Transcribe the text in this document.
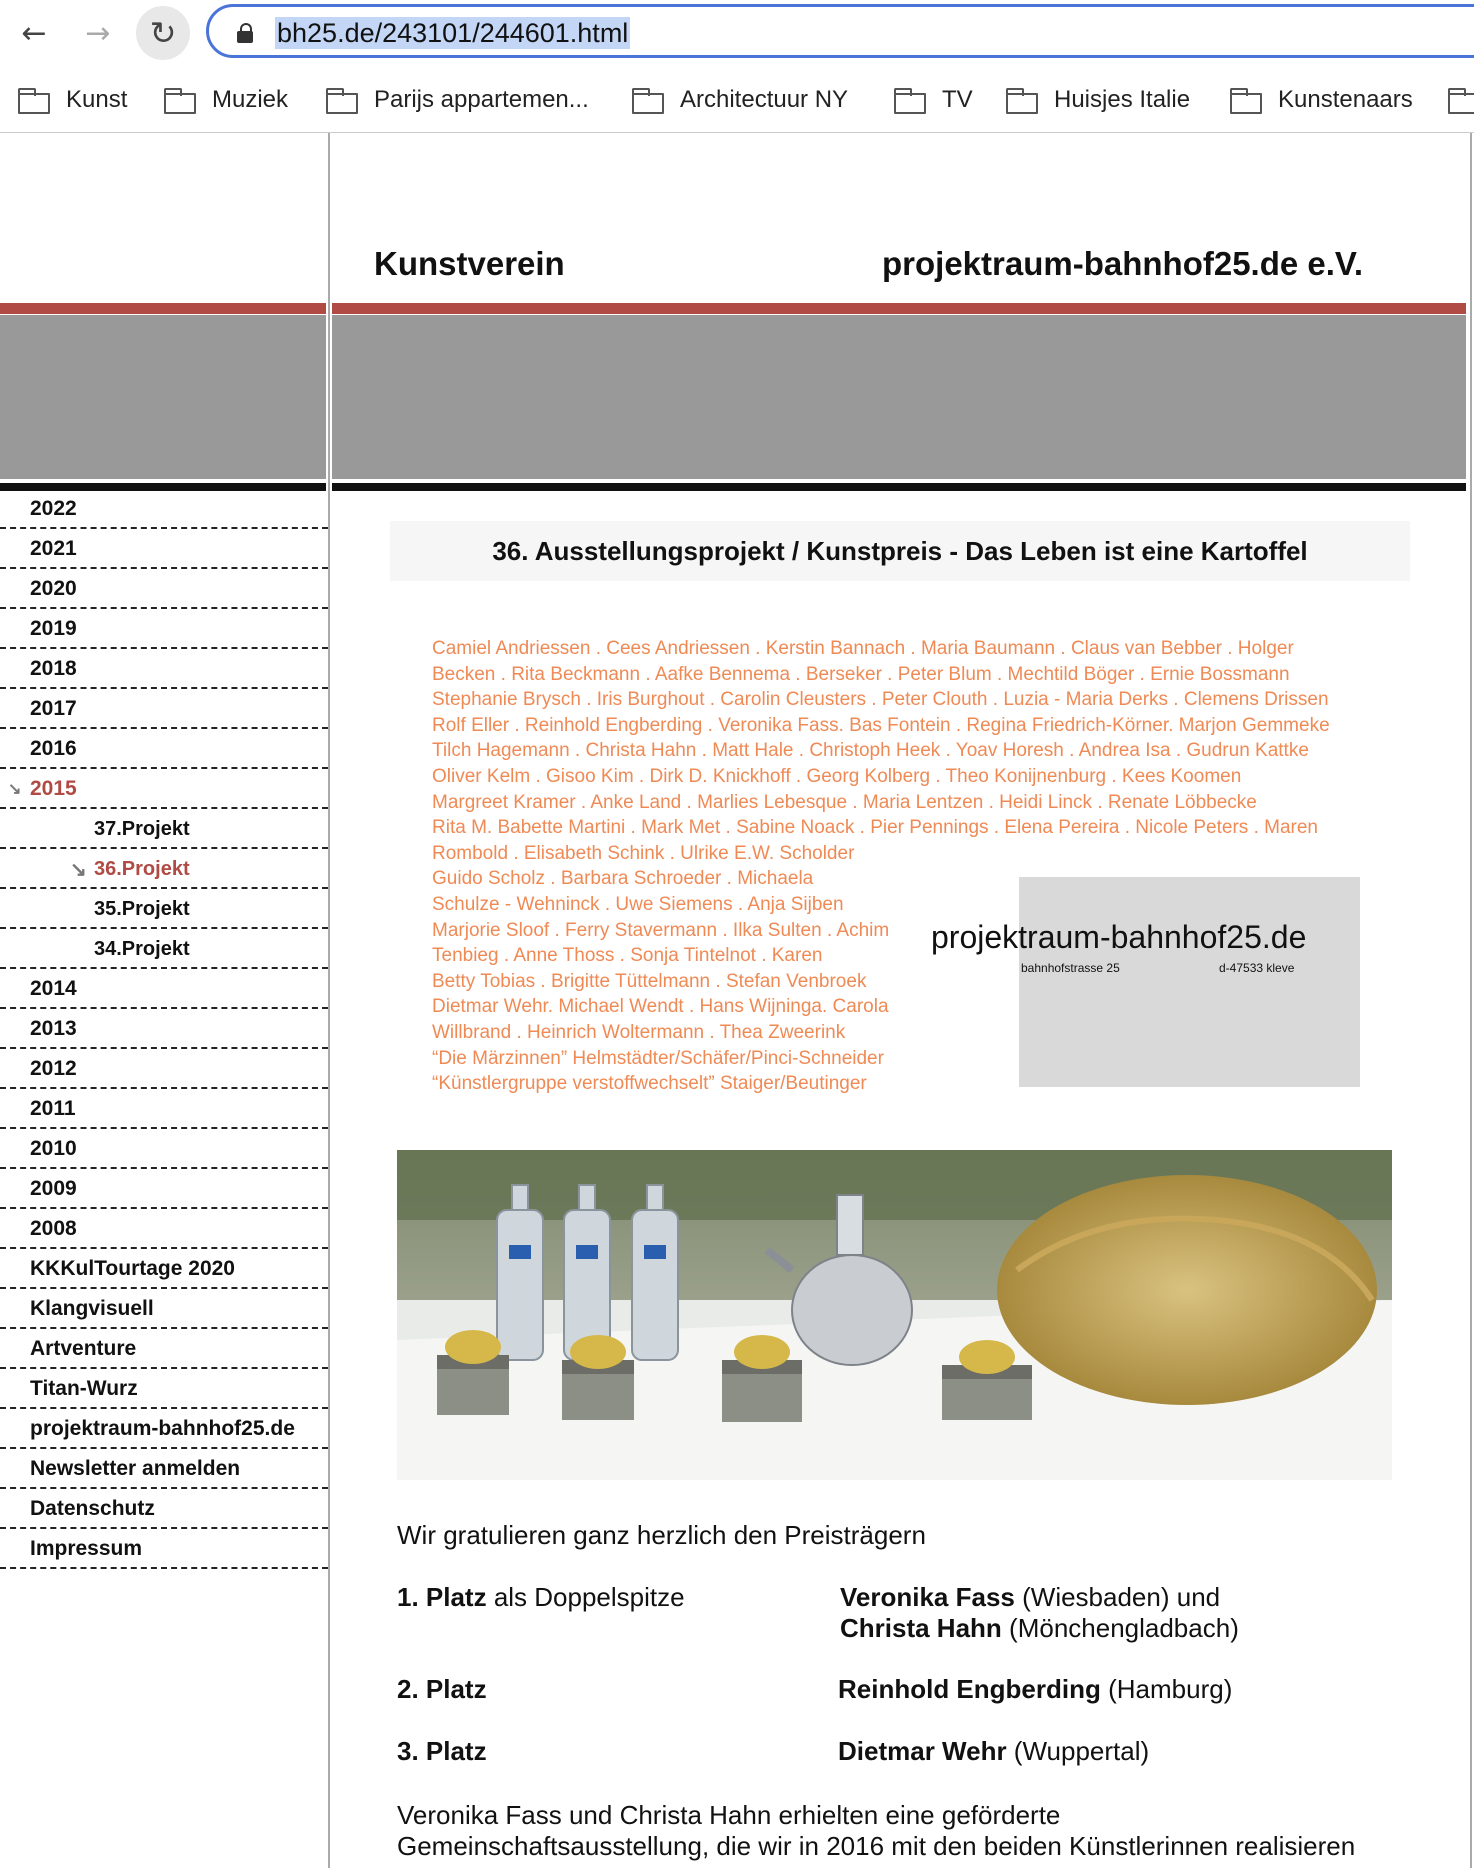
← →	↻	bh25.de/243101/244601.html
Kunst	Muziek	Parijs appartemen...	Architectuur NY	TV	Huisjes Italie	Kunstenaars
2022
2021
2020
2019
2018
2017
2016
↘ 2015
37.Projekt
↘ 36.Projekt
35.Projekt
34.Projekt
2014
2013
2012
2011
2010
2009
2008
KKKulTourtage 2020
Klangvisuell
Artventure
Titan-Wurz
projektraum-bahnhof25.de
Newsletter anmelden
Datenschutz
Impressum
Kunstverein	projektraum-bahnhof25.de e.V.
36. Ausstellungsprojekt / Kunstpreis - Das Leben ist eine Kartoffel
Camiel Andriessen . Cees Andriessen . Kerstin Bannach . Maria Baumann . Claus van Bebber . Holger
Becken . Rita Beckmann . Aafke Bennema . Berseker . Peter Blum . Mechtild Böger . Ernie Bossmann
Stephanie Brysch . Iris Burghout . Carolin Cleusters . Peter Clouth . Luzia - Maria Derks . Clemens Drissen
Rolf Eller . Reinhold Engberding . Veronika Fass. Bas Fontein . Regina Friedrich-Körner. Marjon Gemmeke
Tilch Hagemann . Christa Hahn . Matt Hale . Christoph Heek . Yoav Horesh . Andrea Isa . Gudrun Kattke
Oliver Kelm . Gisoo Kim . Dirk D. Knickhoff . Georg Kolberg . Theo Konijnenburg . Kees Koomen
Margreet Kramer . Anke Land . Marlies Lebesque . Maria Lentzen . Heidi Linck . Renate Löbbecke
Rita M. Babette Martini . Mark Met . Sabine Noack . Pier Pennings . Elena Pereira . Nicole Peters . Maren
Rombold . Elisabeth Schink . Ulrike E.W. Scholder
Guido Scholz . Barbara Schroeder . Michaela
Schulze - Wehninck . Uwe Siemens . Anja Sijben
Marjorie Sloof . Ferry Stavermann . Ilka Sulten . Achim
Tenbieg . Anne Thoss . Sonja Tintelnot . Karen
Betty Tobias . Brigitte Tüttelmann . Stefan Venbroek
Dietmar Wehr. Michael Wendt . Hans Wijninga. Carola
Willbrand . Heinrich Woltermann . Thea Zweerink
“Die Märzinnen” Helmstädter/Schäfer/Pinci-Schneider
“Künstlergruppe verstoffwechselt” Staiger/Beutinger
projektraum-bahnhof25.de
bahnhofstrasse 25	d-47533 kleve
Wir gratulieren ganz herzlich den Preisträgern
1. Platz als Doppelspitze	Veronika Fass (Wiesbaden) und
Christa Hahn (Mönchengladbach)
2. Platz	Reinhold Engberding (Hamburg)
3. Platz	Dietmar Wehr (Wuppertal)
Veronika Fass und Christa Hahn erhielten eine geförderte
Gemeinschaftsausstellung, die wir in 2016 mit den beiden Künstlerinnen realisieren
